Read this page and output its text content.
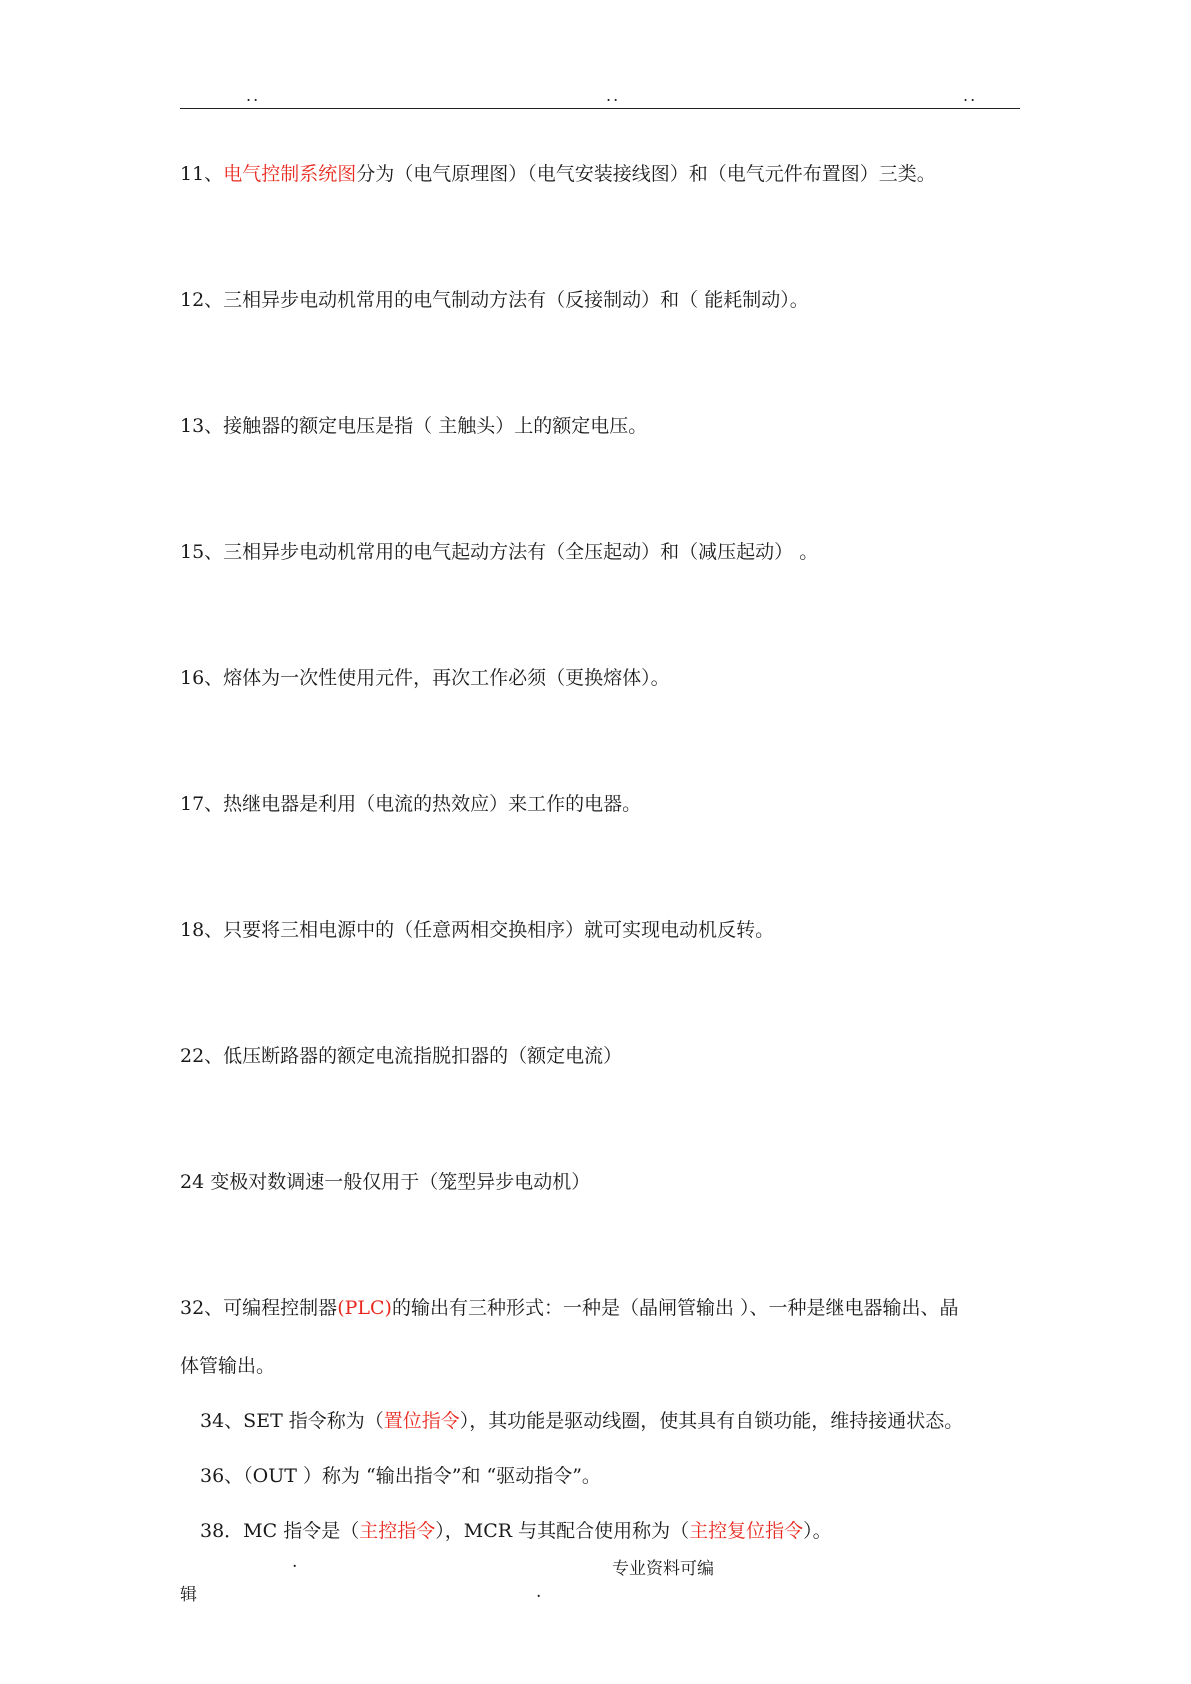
..	..	..
11、电气控制系统图分为（电气原理图）（电气安装接线图）和（电气元件布置图）三类。
12、三相异步电动机常用的电气制动方法有（反接制动）和（ 能耗制动）。
13、接触器的额定电压是指（ 主触头）上的额定电压。
15、三相异步电动机常用的电气起动方法有（全压起动）和（减压起动） 。
16、熔体为一次性使用元件，再次工作必须（更换熔体）。
17、热继电器是利用（电流的热效应）来工作的电器。
18、只要将三相电源中的（任意两相交换相序）就可实现电动机反转。
22、低压断路器的额定电流指脱扣器的（额定电流）
24 变极对数调速一般仅用于（笼型异步电动机）
32、可编程控制器(PLC)的输出有三种形式：一种是（晶闸管输出 ）、一种是继电器输出、晶
体管输出。
34、SET 指令称为（置位指令），其功能是驱动线圈，使其具有自锁功能，维持接通状态。
36、（OUT ）称为 “输出指令”和 “驱动指令”。
38．MC 指令是（主控指令），MCR 与其配合使用称为（主控复位指令）。
.	专业资料可编
辑	.
